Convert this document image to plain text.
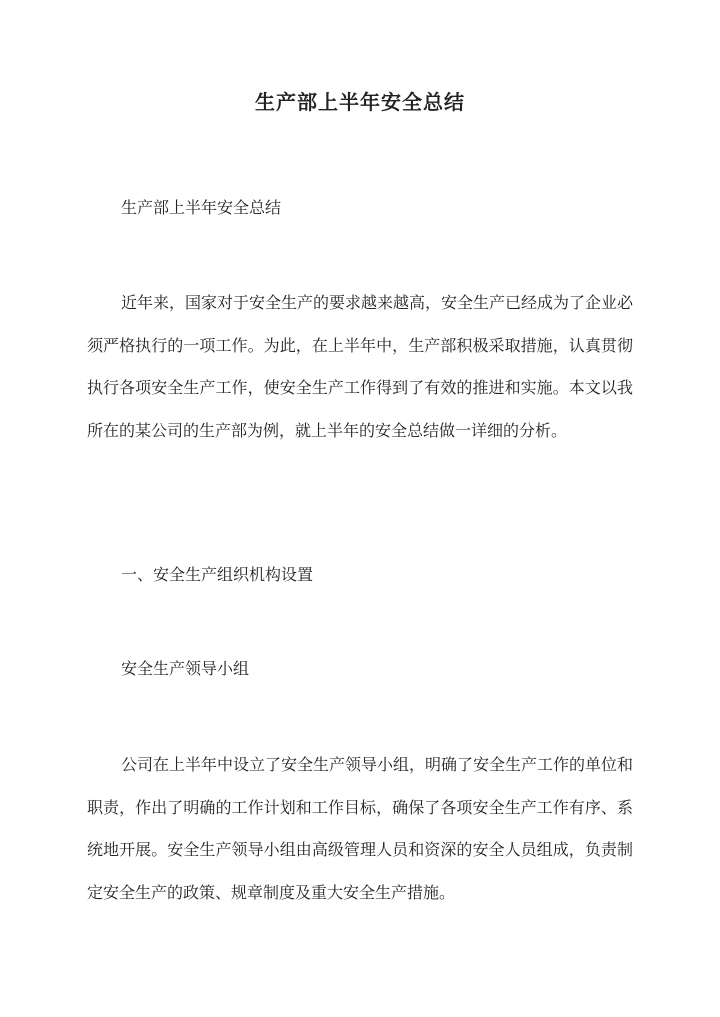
生产部上半年安全总结

生产部上半年安全总结

近年来，国家对于安全生产的要求越来越高，安全生产已经成为了企业必须严格执行的一项工作。为此，在上半年中，生产部积极采取措施，认真贯彻执行各项安全生产工作，使安全生产工作得到了有效的推进和实施。本文以我所在的某公司的生产部为例，就上半年的安全总结做一详细的分析。

一、安全生产组织机构设置

安全生产领导小组

公司在上半年中设立了安全生产领导小组，明确了安全生产工作的单位和职责，作出了明确的工作计划和工作目标，确保了各项安全生产工作有序、系统地开展。安全生产领导小组由高级管理人员和资深的安全人员组成，负责制定安全生产的政策、规章制度及重大安全生产措施。
